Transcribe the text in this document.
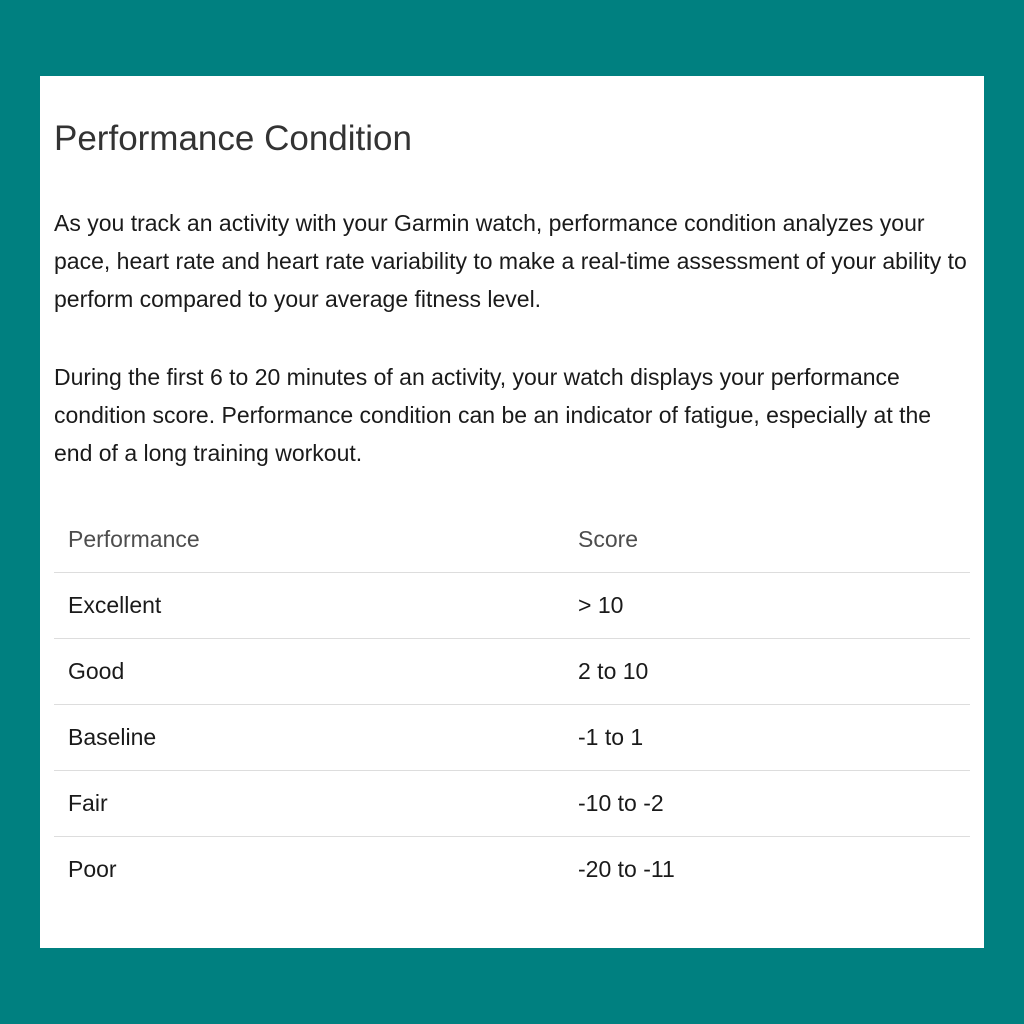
Performance Condition

As you track an activity with your Garmin watch, performance condition analyzes your pace, heart rate and heart rate variability to make a real-time assessment of your ability to perform compared to your average fitness level.

During the first 6 to 20 minutes of an activity, your watch displays your performance condition score. Performance condition can be an indicator of fatigue, especially at the end of a long training workout.

Performance	Score
Excellent	> 10
Good	2 to 10
Baseline	-1 to 1
Fair	-10 to -2
Poor	-20 to -11
